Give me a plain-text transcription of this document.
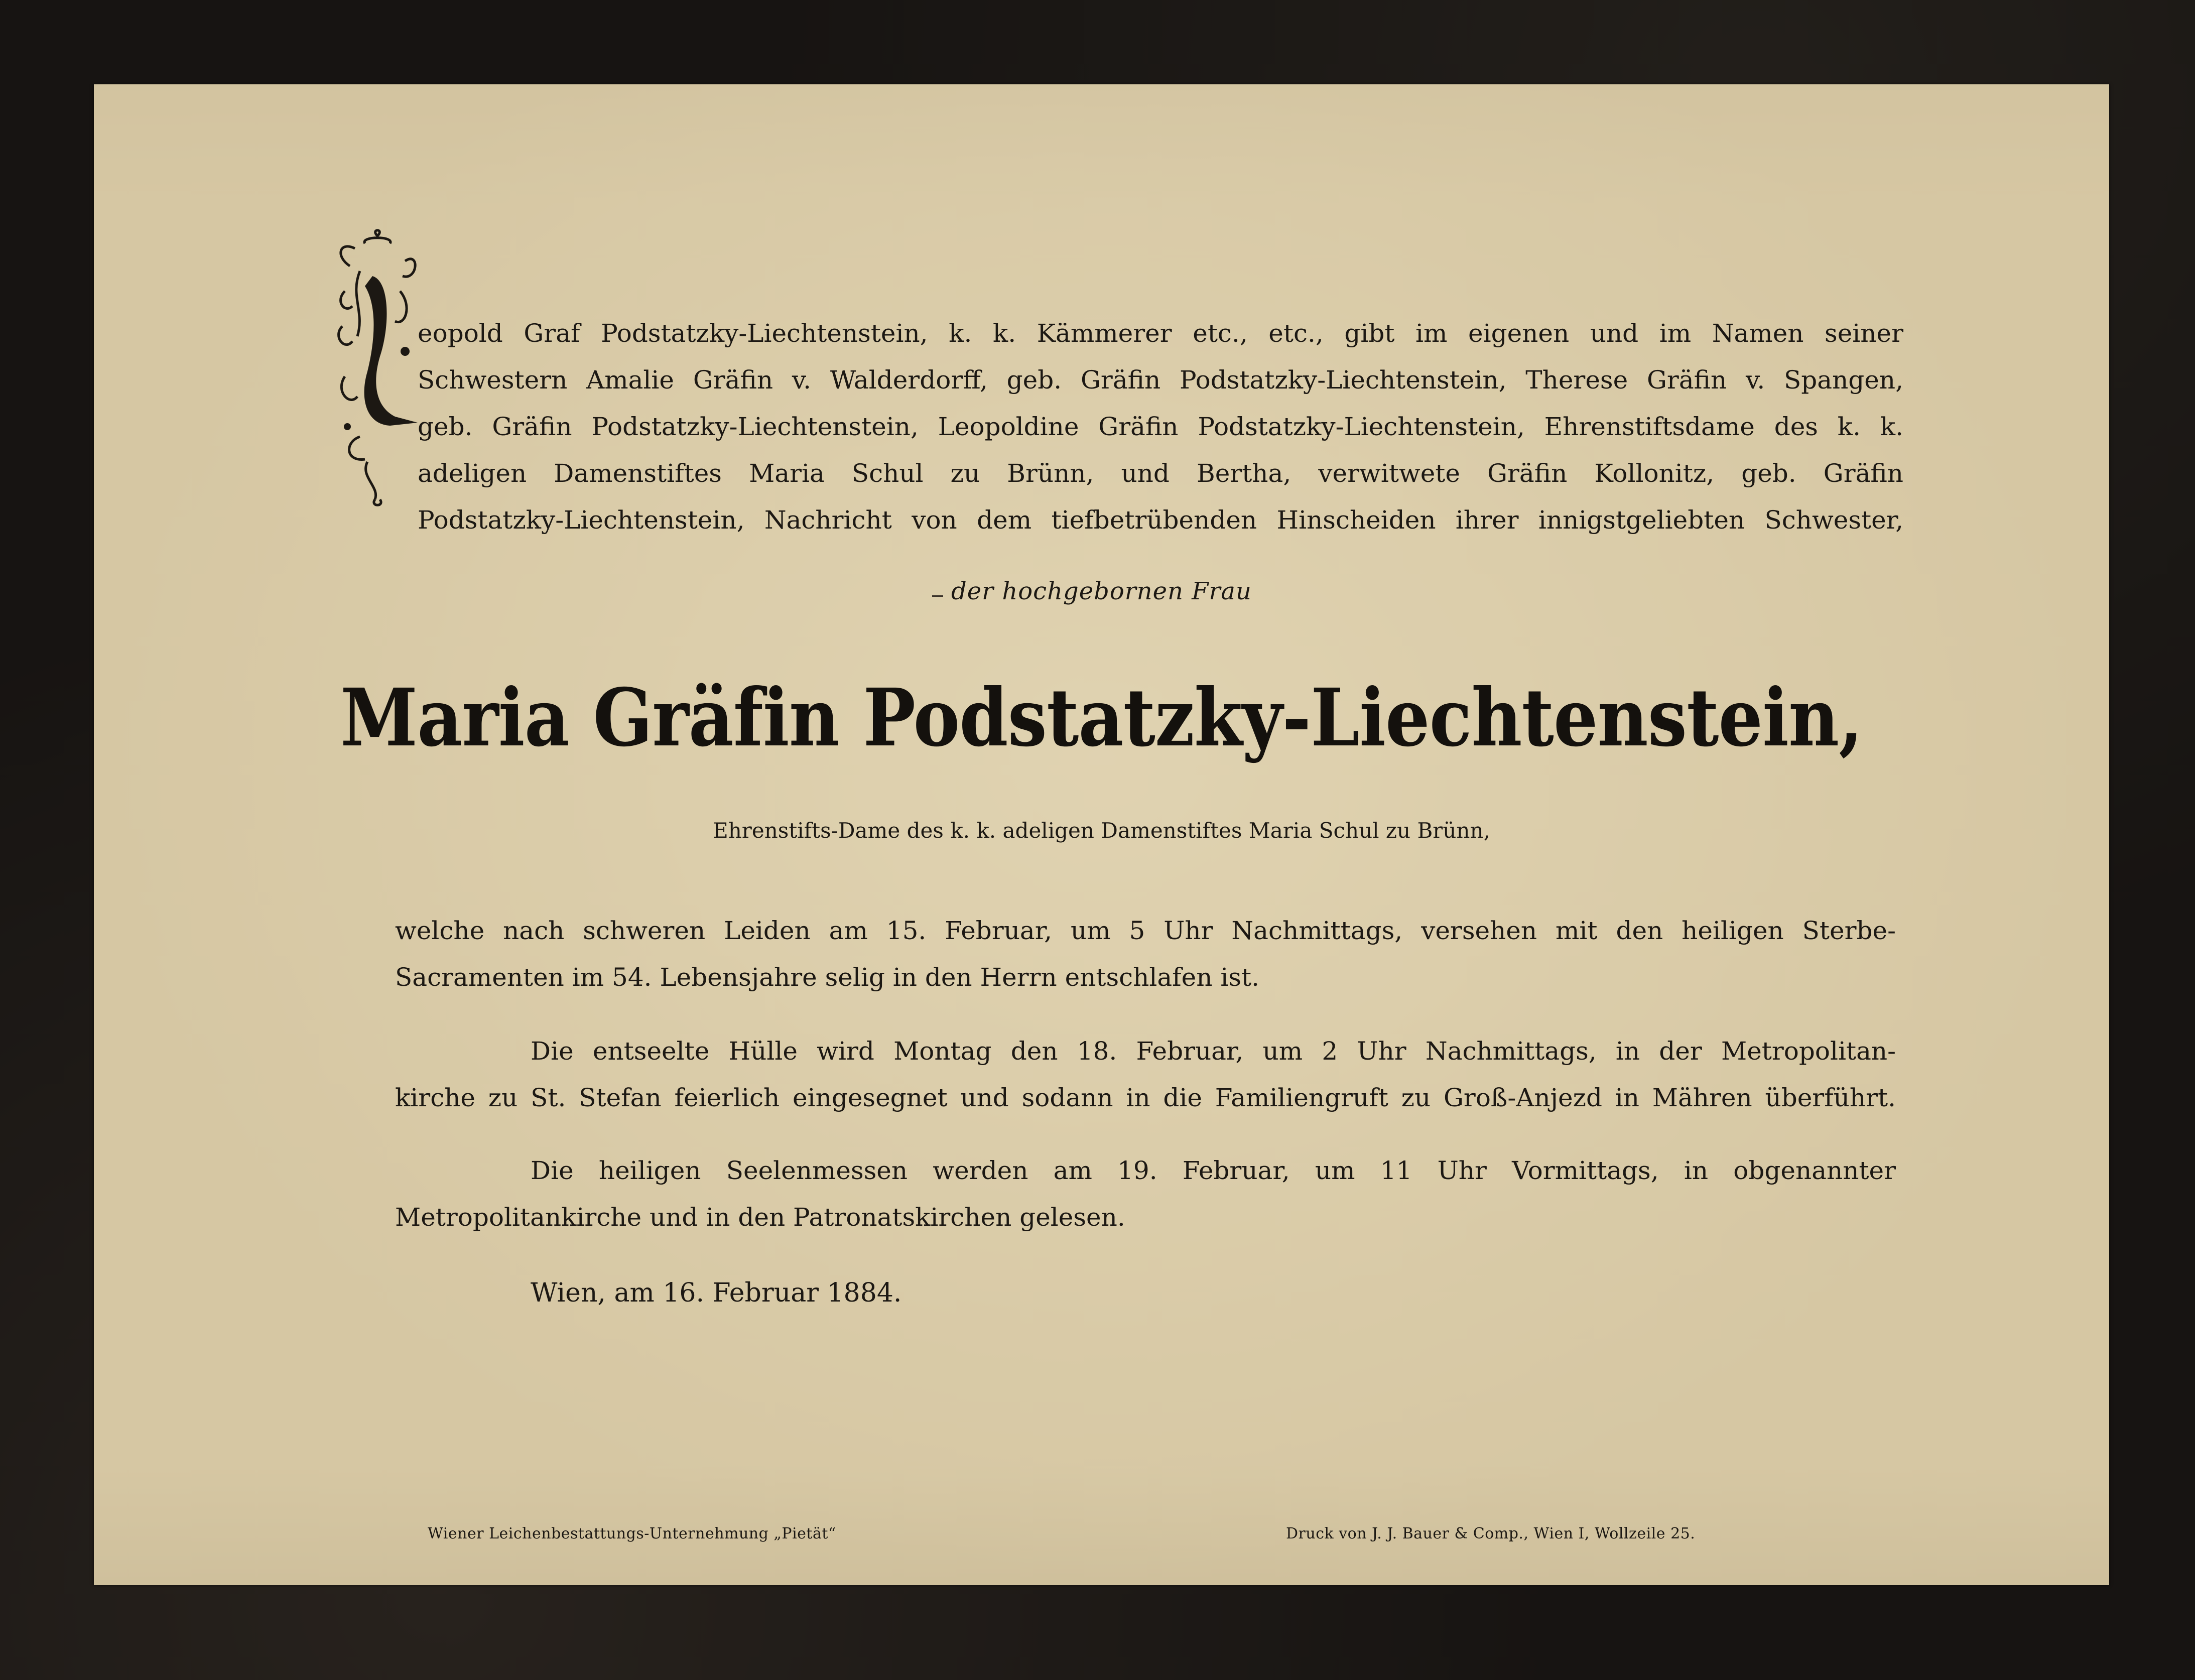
eopold Graf Podstatzky-Liechtenstein, k. k. Kämmerer etc., etc., gibt im eigenen und im Namen seiner
Schwestern Amalie Gräfin v. Walderdorff, geb. Gräfin Podstatzky-Liechtenstein, Therese Gräfin v. Spangen,
geb. Gräfin Podstatzky-Liechtenstein, Leopoldine Gräfin Podstatzky-Liechtenstein, Ehrenstiftsdame des k. k.
adeligen Damenstiftes Maria Schul zu Brünn, und Bertha, verwitwete Gräfin Kollonitz, geb. Gräfin
Podstatzky-Liechtenstein, Nachricht von dem tiefbetrübenden Hinscheiden ihrer innigstgeliebten Schwester,
der hochgebornen Frau
Maria Gräfin Podstatzky-Liechtenstein,
Ehrenstifts-Dame des k. k. adeligen Damenstiftes Maria Schul zu Brünn,
welche nach schweren Leiden am 15. Februar, um 5 Uhr Nachmittags, versehen mit den heiligen Sterbe-
Sacramenten im 54. Lebensjahre selig in den Herrn entschlafen ist.
Die entseelte Hülle wird Montag den 18. Februar, um 2 Uhr Nachmittags, in der Metropolitan-
kirche zu St. Stefan feierlich eingesegnet und sodann in die Familiengruft zu Groß-Anjezd in Mähren überführt.
Die heiligen Seelenmessen werden am 19. Februar, um 11 Uhr Vormittags, in obgenannter
Metropolitankirche und in den Patronatskirchen gelesen.
Wien, am 16. Februar 1884.
Wiener Leichenbestattungs-Unternehmung „Pietät“	Druck von J. J. Bauer & Comp., Wien I, Wollzeile 25.
